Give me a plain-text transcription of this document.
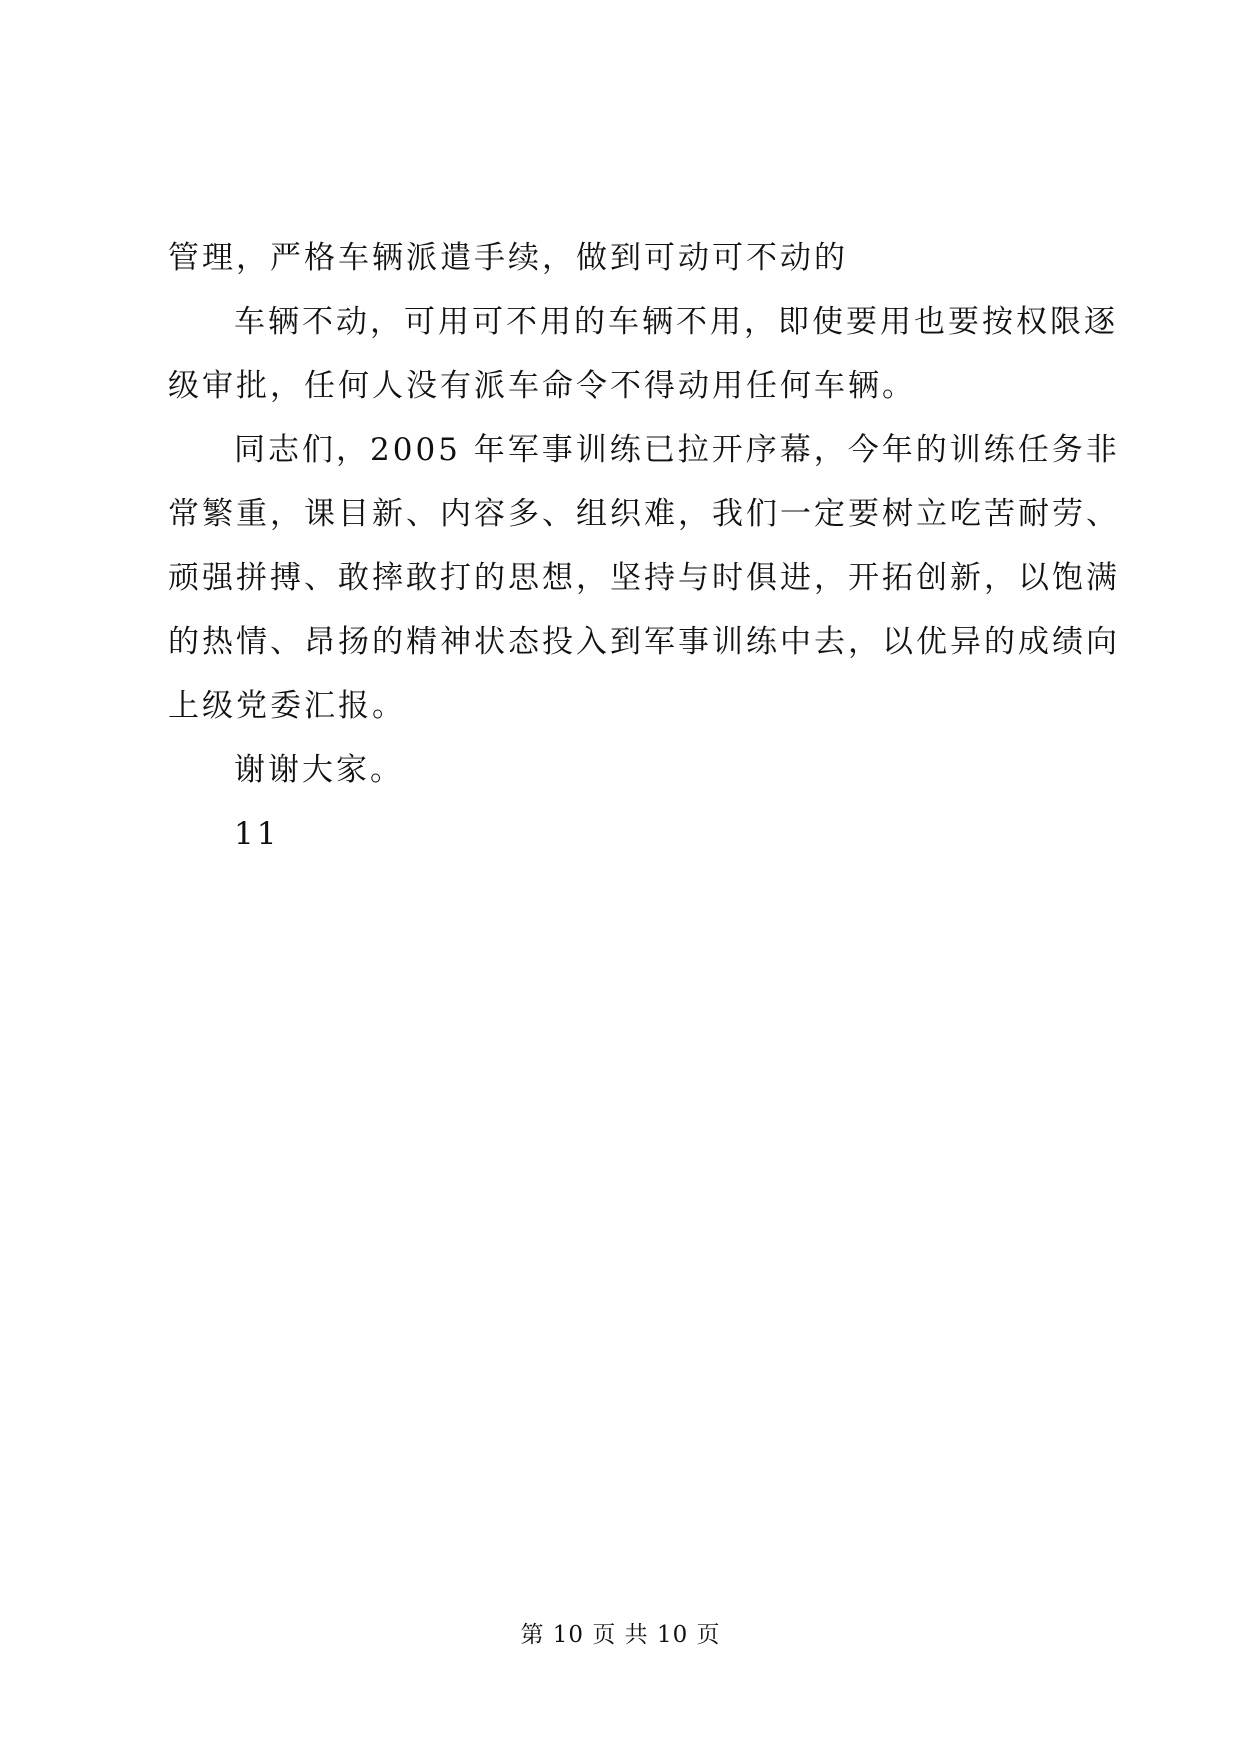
管理，严格车辆派遣手续，做到可动可不动的
车辆不动，可用可不用的车辆不用，即使要用也要按权限逐
级审批，任何人没有派车命令不得动用任何车辆。
同志们，2005 年军事训练已拉开序幕，今年的训练任务非
常繁重，课目新、内容多、组织难，我们一定要树立吃苦耐劳、
顽强拼搏、敢摔敢打的思想，坚持与时俱进，开拓创新，以饱满
的热情、昂扬的精神状态投入到军事训练中去，以优异的成绩向
上级党委汇报。
谢谢大家。
11
第 10 页 共 10 页
